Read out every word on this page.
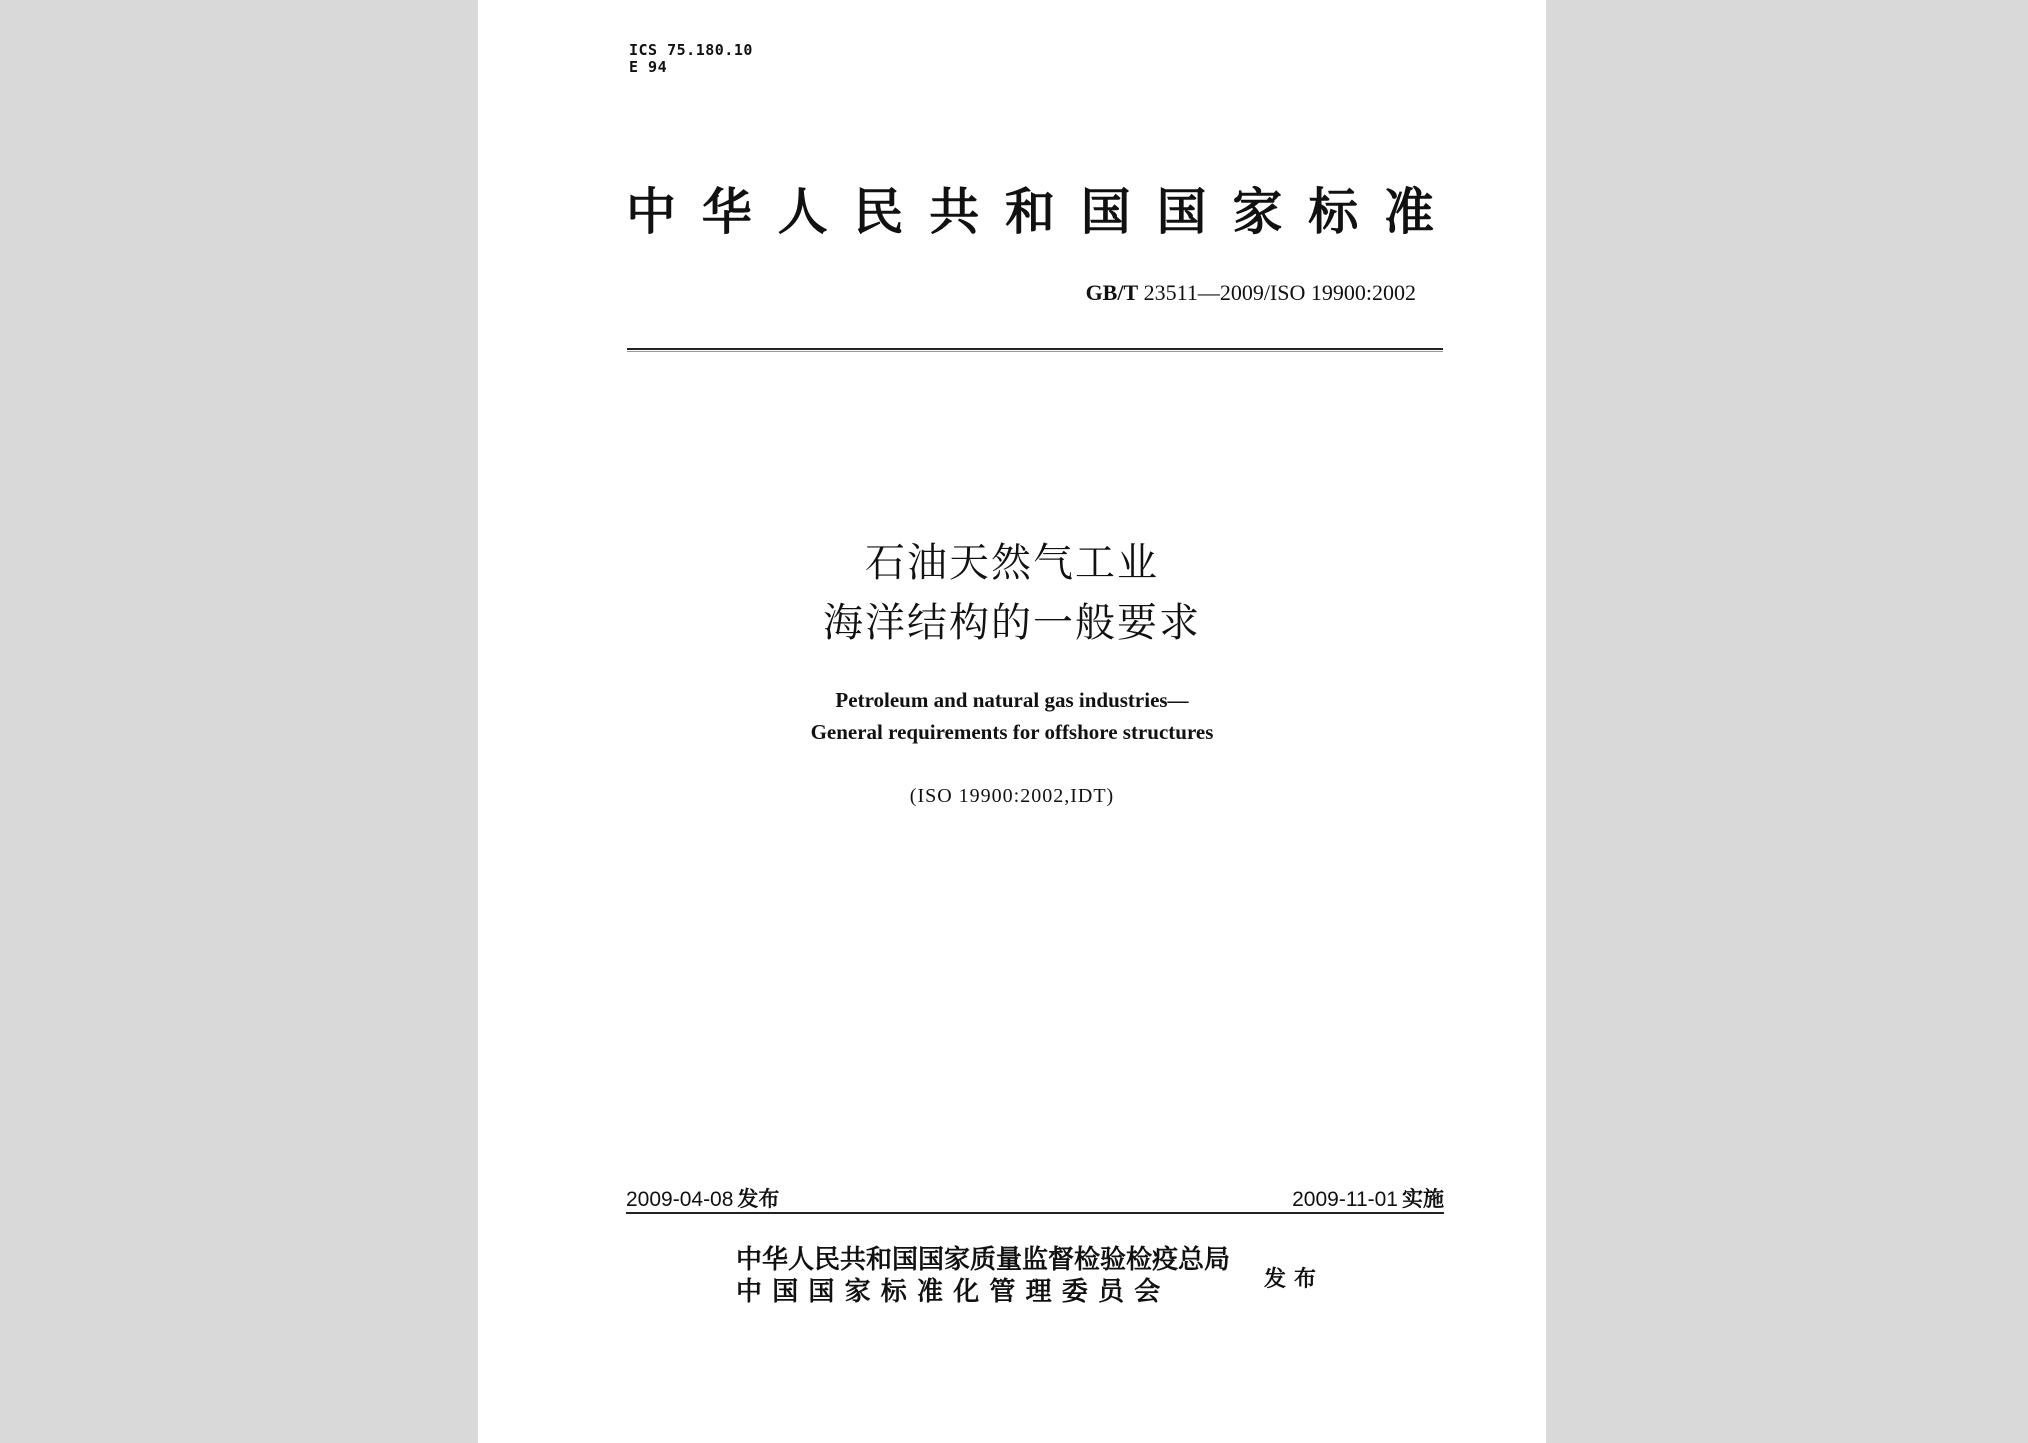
ICS 75.180.10
E 94
中华人民共和国国家标准
GB/T 23511—2009/ISO 19900:2002
石油天然气工业
海洋结构的一般要求
Petroleum and natural gas industries—
General requirements for offshore structures
(ISO 19900:2002,IDT)
2009-04-08 发布	2009-11-01 实施
中华人民共和国国家质量监督检验检疫总局
中国国家标准化管理委员会	发布
